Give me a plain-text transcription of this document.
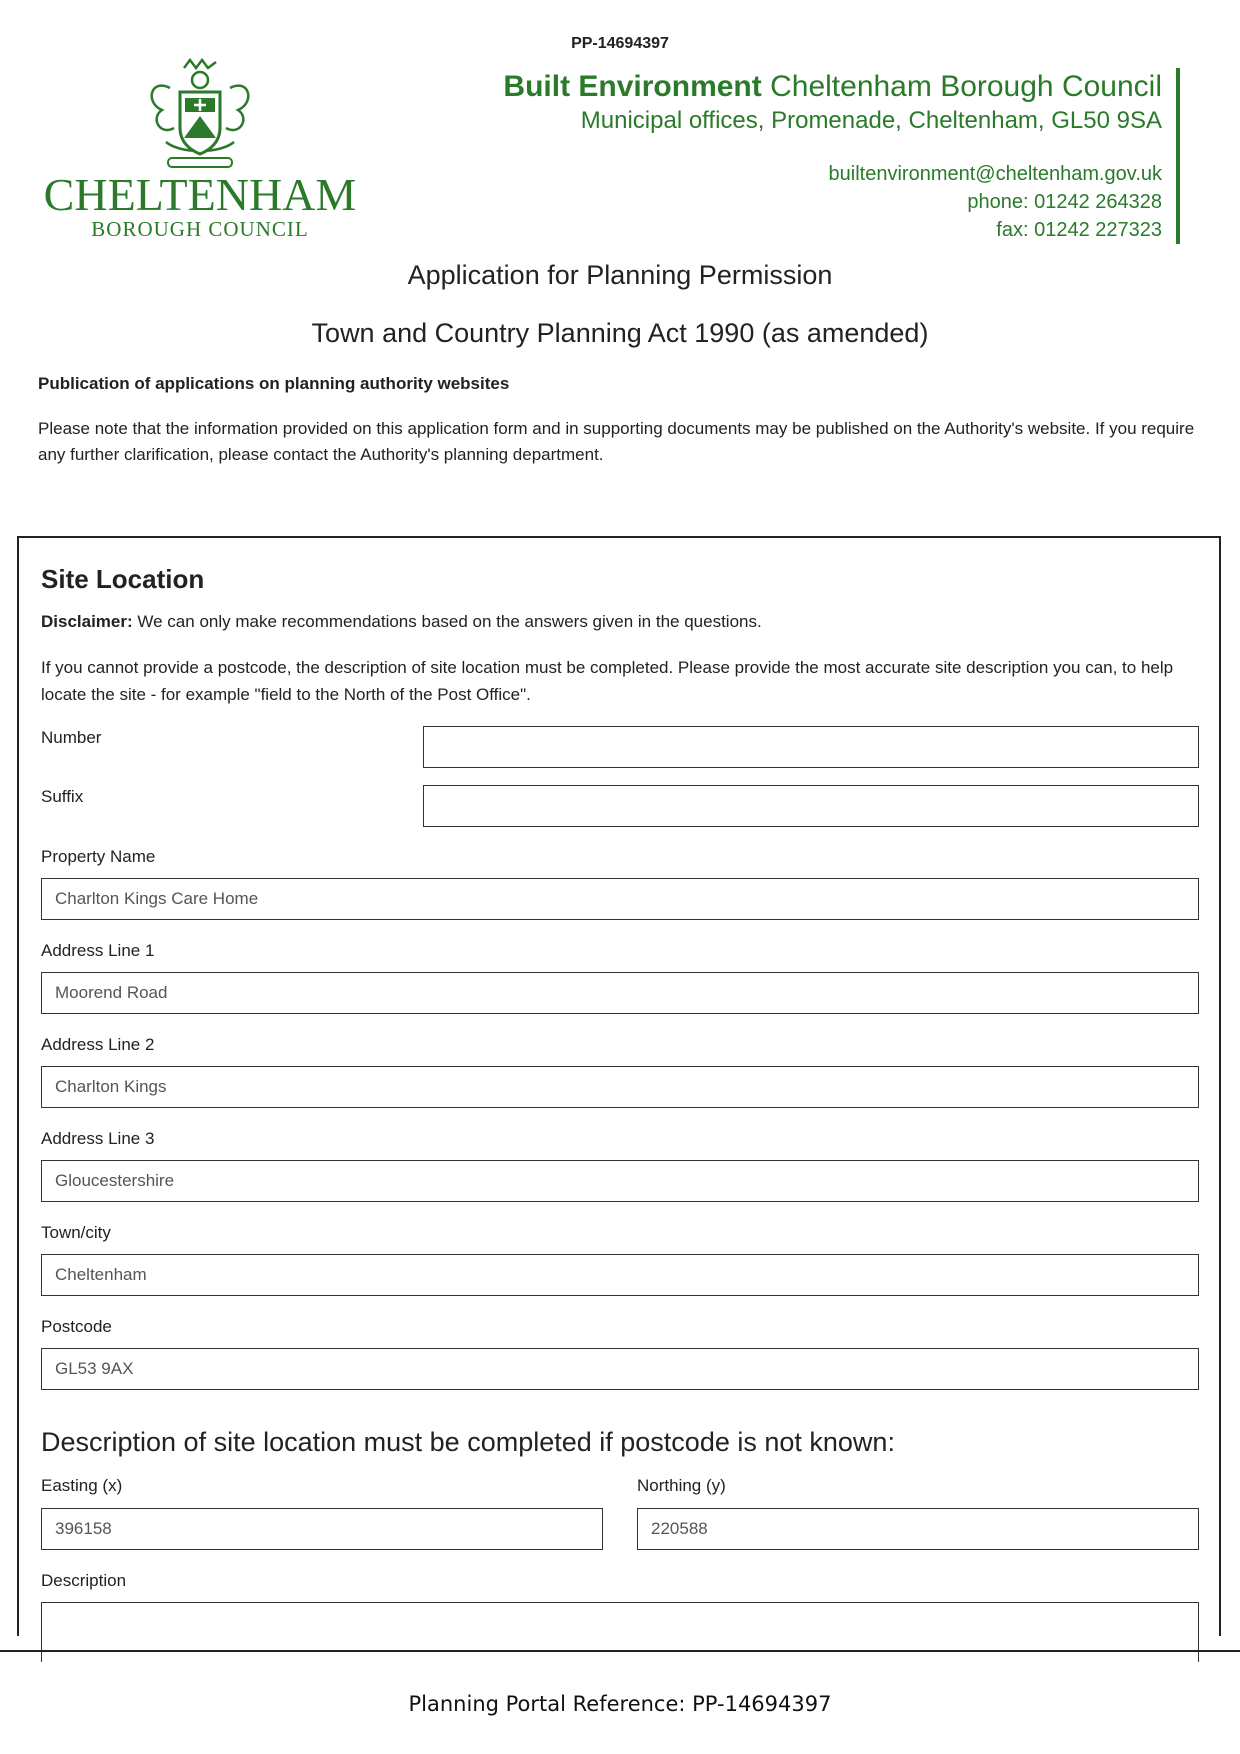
PP-14694397
CHELTENHAM
BOROUGH COUNCIL
Built Environment Cheltenham Borough Council
Municipal offices, Promenade, Cheltenham, GL50 9SA
builtenvironment@cheltenham.gov.uk
phone: 01242 264328
fax: 01242 227323
Application for Planning Permission
Town and Country Planning Act 1990 (as amended)
Publication of applications on planning authority websites
Please note that the information provided on this application form and in supporting documents may be published on the Authority's website. If you require any further clarification, please contact the Authority's planning department.
Site Location
Disclaimer: We can only make recommendations based on the answers given in the questions.
If you cannot provide a postcode, the description of site location must be completed. Please provide the most accurate site description you can, to help locate the site - for example "field to the North of the Post Office".
Number
Suffix
Property Name
Charlton Kings Care Home
Address Line 1
Moorend Road
Address Line 2
Charlton Kings
Address Line 3
Gloucestershire
Town/city
Cheltenham
Postcode
GL53 9AX
Description of site location must be completed if postcode is not known:
Easting (x)
396158
Northing (y)
220588
Description
Planning Portal Reference: PP-14694397
